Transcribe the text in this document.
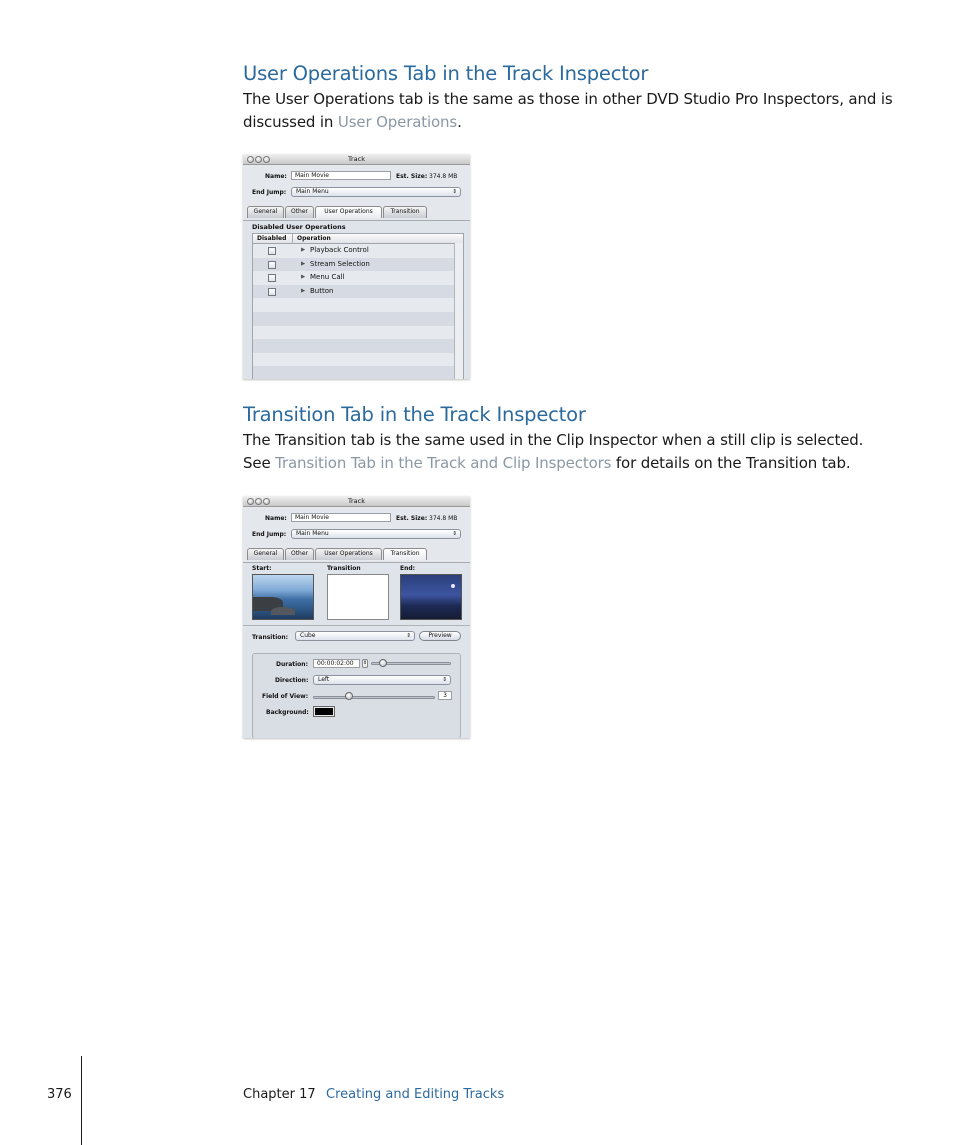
User Operations Tab in the Track Inspector

The User Operations tab is the same as those in other DVD Studio Pro Inspectors, and is discussed in User Operations.

Track
Name:	Main Movie	Est. Size: 374.8 MB
End Jump:	Main Menu	⇕
General	Other	User Operations	Transition
Disabled User Operations
Disabled Operation
▶ Playback Control
▶ Stream Selection
▶ Menu Call
▶ Button
Transition Tab in the Track Inspector

The Transition tab is the same used in the Clip Inspector when a still clip is selected. See Transition Tab in the Track and Clip Inspectors for details on the Transition tab.

Track
Name:	Main Movie	Est. Size: 374.8 MB
End Jump:	Main Menu	⇕
General	Other	User Operations	Transition
Start:	Transition	End:
Transition:	Cube	⇕	Preview
Duration:	00:00:02:00	⇕
Direction:	Left	⇕
Field of View:	3
Background:
376	Chapter 17 Creating and Editing Tracks
